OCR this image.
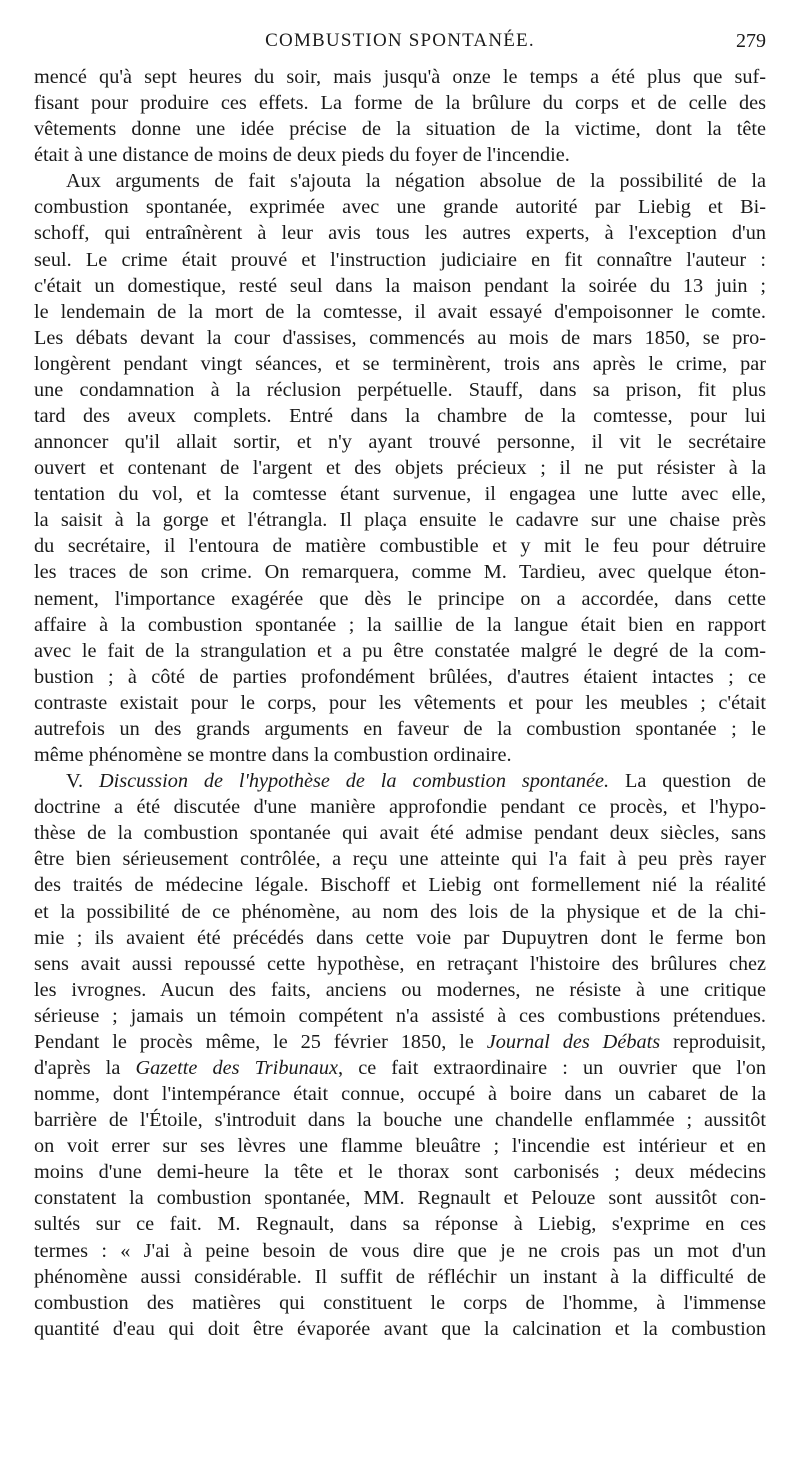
COMBUSTION SPONTANÉE.	279
mencé qu'à sept heures du soir, mais jusqu'à onze le temps a été plus que suf-
fisant pour produire ces effets. La forme de la brûlure du corps et de celle des
vêtements donne une idée précise de la situation de la victime, dont la tête
était à une distance de moins de deux pieds du foyer de l'incendie.
Aux arguments de fait s'ajouta la négation absolue de la possibilité de la
combustion spontanée, exprimée avec une grande autorité par Liebig et Bi-
schoff, qui entraînèrent à leur avis tous les autres experts, à l'exception d'un
seul. Le crime était prouvé et l'instruction judiciaire en fit connaître l'auteur :
c'était un domestique, resté seul dans la maison pendant la soirée du 13 juin ;
le lendemain de la mort de la comtesse, il avait essayé d'empoisonner le comte.
Les débats devant la cour d'assises, commencés au mois de mars 1850, se pro-
longèrent pendant vingt séances, et se terminèrent, trois ans après le crime, par
une condamnation à la réclusion perpétuelle. Stauff, dans sa prison, fit plus
tard des aveux complets. Entré dans la chambre de la comtesse, pour lui
annoncer qu'il allait sortir, et n'y ayant trouvé personne, il vit le secrétaire
ouvert et contenant de l'argent et des objets précieux ; il ne put résister à la
tentation du vol, et la comtesse étant survenue, il engagea une lutte avec elle,
la saisit à la gorge et l'étrangla. Il plaça ensuite le cadavre sur une chaise près
du secrétaire, il l'entoura de matière combustible et y mit le feu pour détruire
les traces de son crime. On remarquera, comme M. Tardieu, avec quelque éton-
nement, l'importance exagérée que dès le principe on a accordée, dans cette
affaire à la combustion spontanée ; la saillie de la langue était bien en rapport
avec le fait de la strangulation et a pu être constatée malgré le degré de la com-
bustion ; à côté de parties profondément brûlées, d'autres étaient intactes ; ce
contraste existait pour le corps, pour les vêtements et pour les meubles ; c'était
autrefois un des grands arguments en faveur de la combustion spontanée ; le
même phénomène se montre dans la combustion ordinaire.
V. Discussion de l'hypothèse de la combustion spontanée. La question de
doctrine a été discutée d'une manière approfondie pendant ce procès, et l'hypo-
thèse de la combustion spontanée qui avait été admise pendant deux siècles, sans
être bien sérieusement contrôlée, a reçu une atteinte qui l'a fait à peu près rayer
des traités de médecine légale. Bischoff et Liebig ont formellement nié la réalité
et la possibilité de ce phénomène, au nom des lois de la physique et de la chi-
mie ; ils avaient été précédés dans cette voie par Dupuytren dont le ferme bon
sens avait aussi repoussé cette hypothèse, en retraçant l'histoire des brûlures chez
les ivrognes. Aucun des faits, anciens ou modernes, ne résiste à une critique
sérieuse ; jamais un témoin compétent n'a assisté à ces combustions prétendues.
Pendant le procès même, le 25 février 1850, le Journal des Débats reproduisit,
d'après la Gazette des Tribunaux, ce fait extraordinaire : un ouvrier que l'on
nomme, dont l'intempérance était connue, occupé à boire dans un cabaret de la
barrière de l'Étoile, s'introduit dans la bouche une chandelle enflammée ; aussitôt
on voit errer sur ses lèvres une flamme bleuâtre ; l'incendie est intérieur et en
moins d'une demi-heure la tête et le thorax sont carbonisés ; deux médecins
constatent la combustion spontanée, MM. Regnault et Pelouze sont aussitôt con-
sultés sur ce fait. M. Regnault, dans sa réponse à Liebig, s'exprime en ces
termes : « J'ai à peine besoin de vous dire que je ne crois pas un mot d'un
phénomène aussi considérable. Il suffit de réfléchir un instant à la difficulté de
combustion des matières qui constituent le corps de l'homme, à l'immense
quantité d'eau qui doit être évaporée avant que la calcination et la combustion
